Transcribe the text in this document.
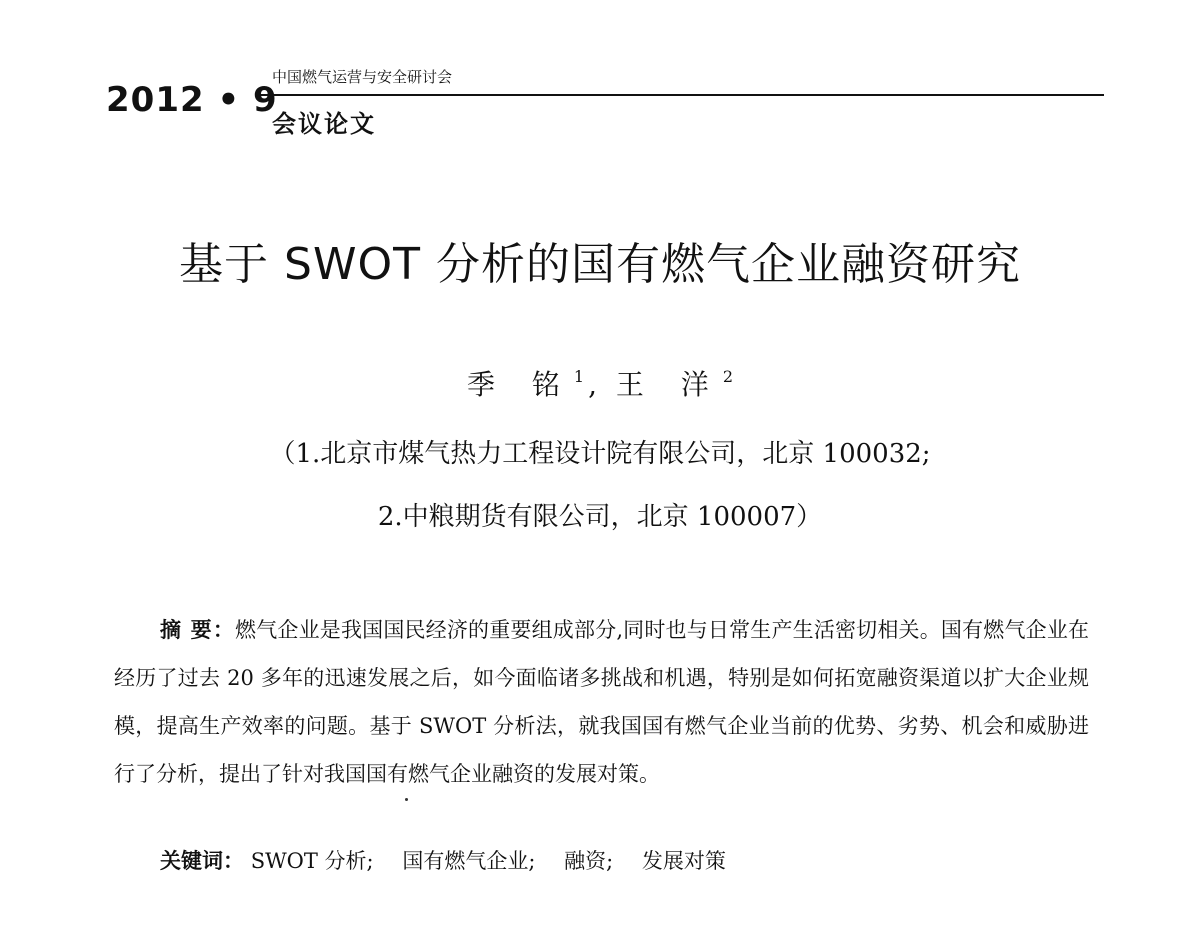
2012 • 9
中国燃气运营与安全研讨会
会议论文
基于 SWOT 分析的国有燃气企业融资研究
季 铭$^1$ , 王 洋$^2$
（1.北京市煤气热力工程设计院有限公司，北京 100032;
2.中粮期货有限公司，北京 100007）
摘 要：燃气企业是我国国民经济的重要组成部分,同时也与日常生产生活密切相关。国有燃气企业在经历了过去 20 多年的迅速发展之后，如今面临诸多挑战和机遇，特别是如何拓宽融资渠道以扩大企业规模，提高生产效率的问题。基于 SWOT 分析法，就我国国有燃气企业当前的优势、劣势、机会和威胁进行了分析，提出了针对我国国有燃气企业融资的发展对策。
关键词： SWOT 分析; 国有燃气企业; 融资; 发展对策
